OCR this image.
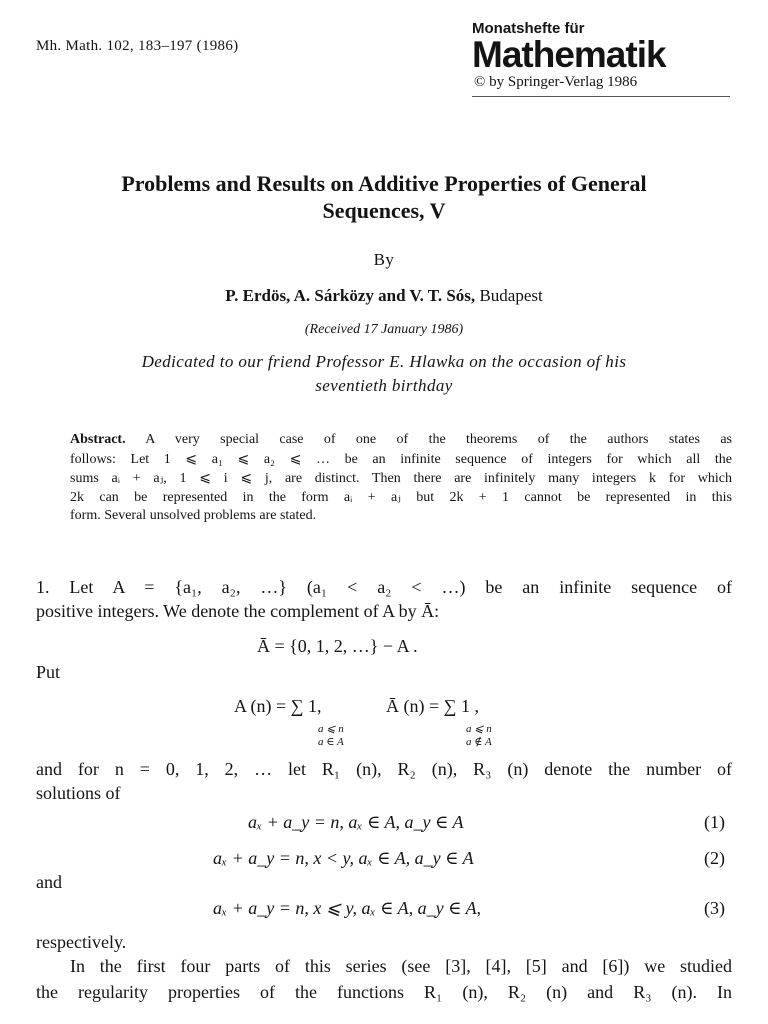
Mh. Math. 102, 183–197 (1986)
Monatshefte für
Mathematik
© by Springer-Verlag 1986
Problems and Results on Additive Properties of General
Sequences, V
By
P. Erdös, A. Sárközy and V. T. Sós, Budapest
(Received 17 January 1986)
Dedicated to our friend Professor E. Hlawka on the occasion of his
seventieth birthday
Abstract. A very special case of one of the theorems of the authors states as
follows: Let 1 ⩽ a₁ ⩽ a₂ ⩽ … be an infinite sequence of integers for which all the
sums aᵢ + aⱼ, 1 ⩽ i ⩽ j, are distinct. Then there are infinitely many integers k for which
2k can be represented in the form aᵢ + aⱼ but 2k + 1 cannot be represented in this
form. Several unsolved problems are stated.
1. Let A = {a₁, a₂, …} (a₁ < a₂ < …) be an infinite sequence of
positive integers. We denote the complement of A by Ā:
Ā = {0, 1, 2, …} − A .
Put
A (n) = ∑ 1,
a ⩽ n
a ∈ A
Ā (n) = ∑ 1 ,
a ⩽ n
a ∉ A
and for n = 0, 1, 2, … let R₁ (n), R₂ (n), R₃ (n) denote the number of
solutions of
aₓ + a_y = n, aₓ ∈ A, a_y ∈ A	(1)
aₓ + a_y = n, x < y, aₓ ∈ A, a_y ∈ A	(2)
and
aₓ + a_y = n, x ⩽ y, aₓ ∈ A, a_y ∈ A,	(3)
respectively.
In the first four parts of this series (see [3], [4], [5] and [6]) we studied
the regularity properties of the functions R₁ (n), R₂ (n) and R₃ (n). In
